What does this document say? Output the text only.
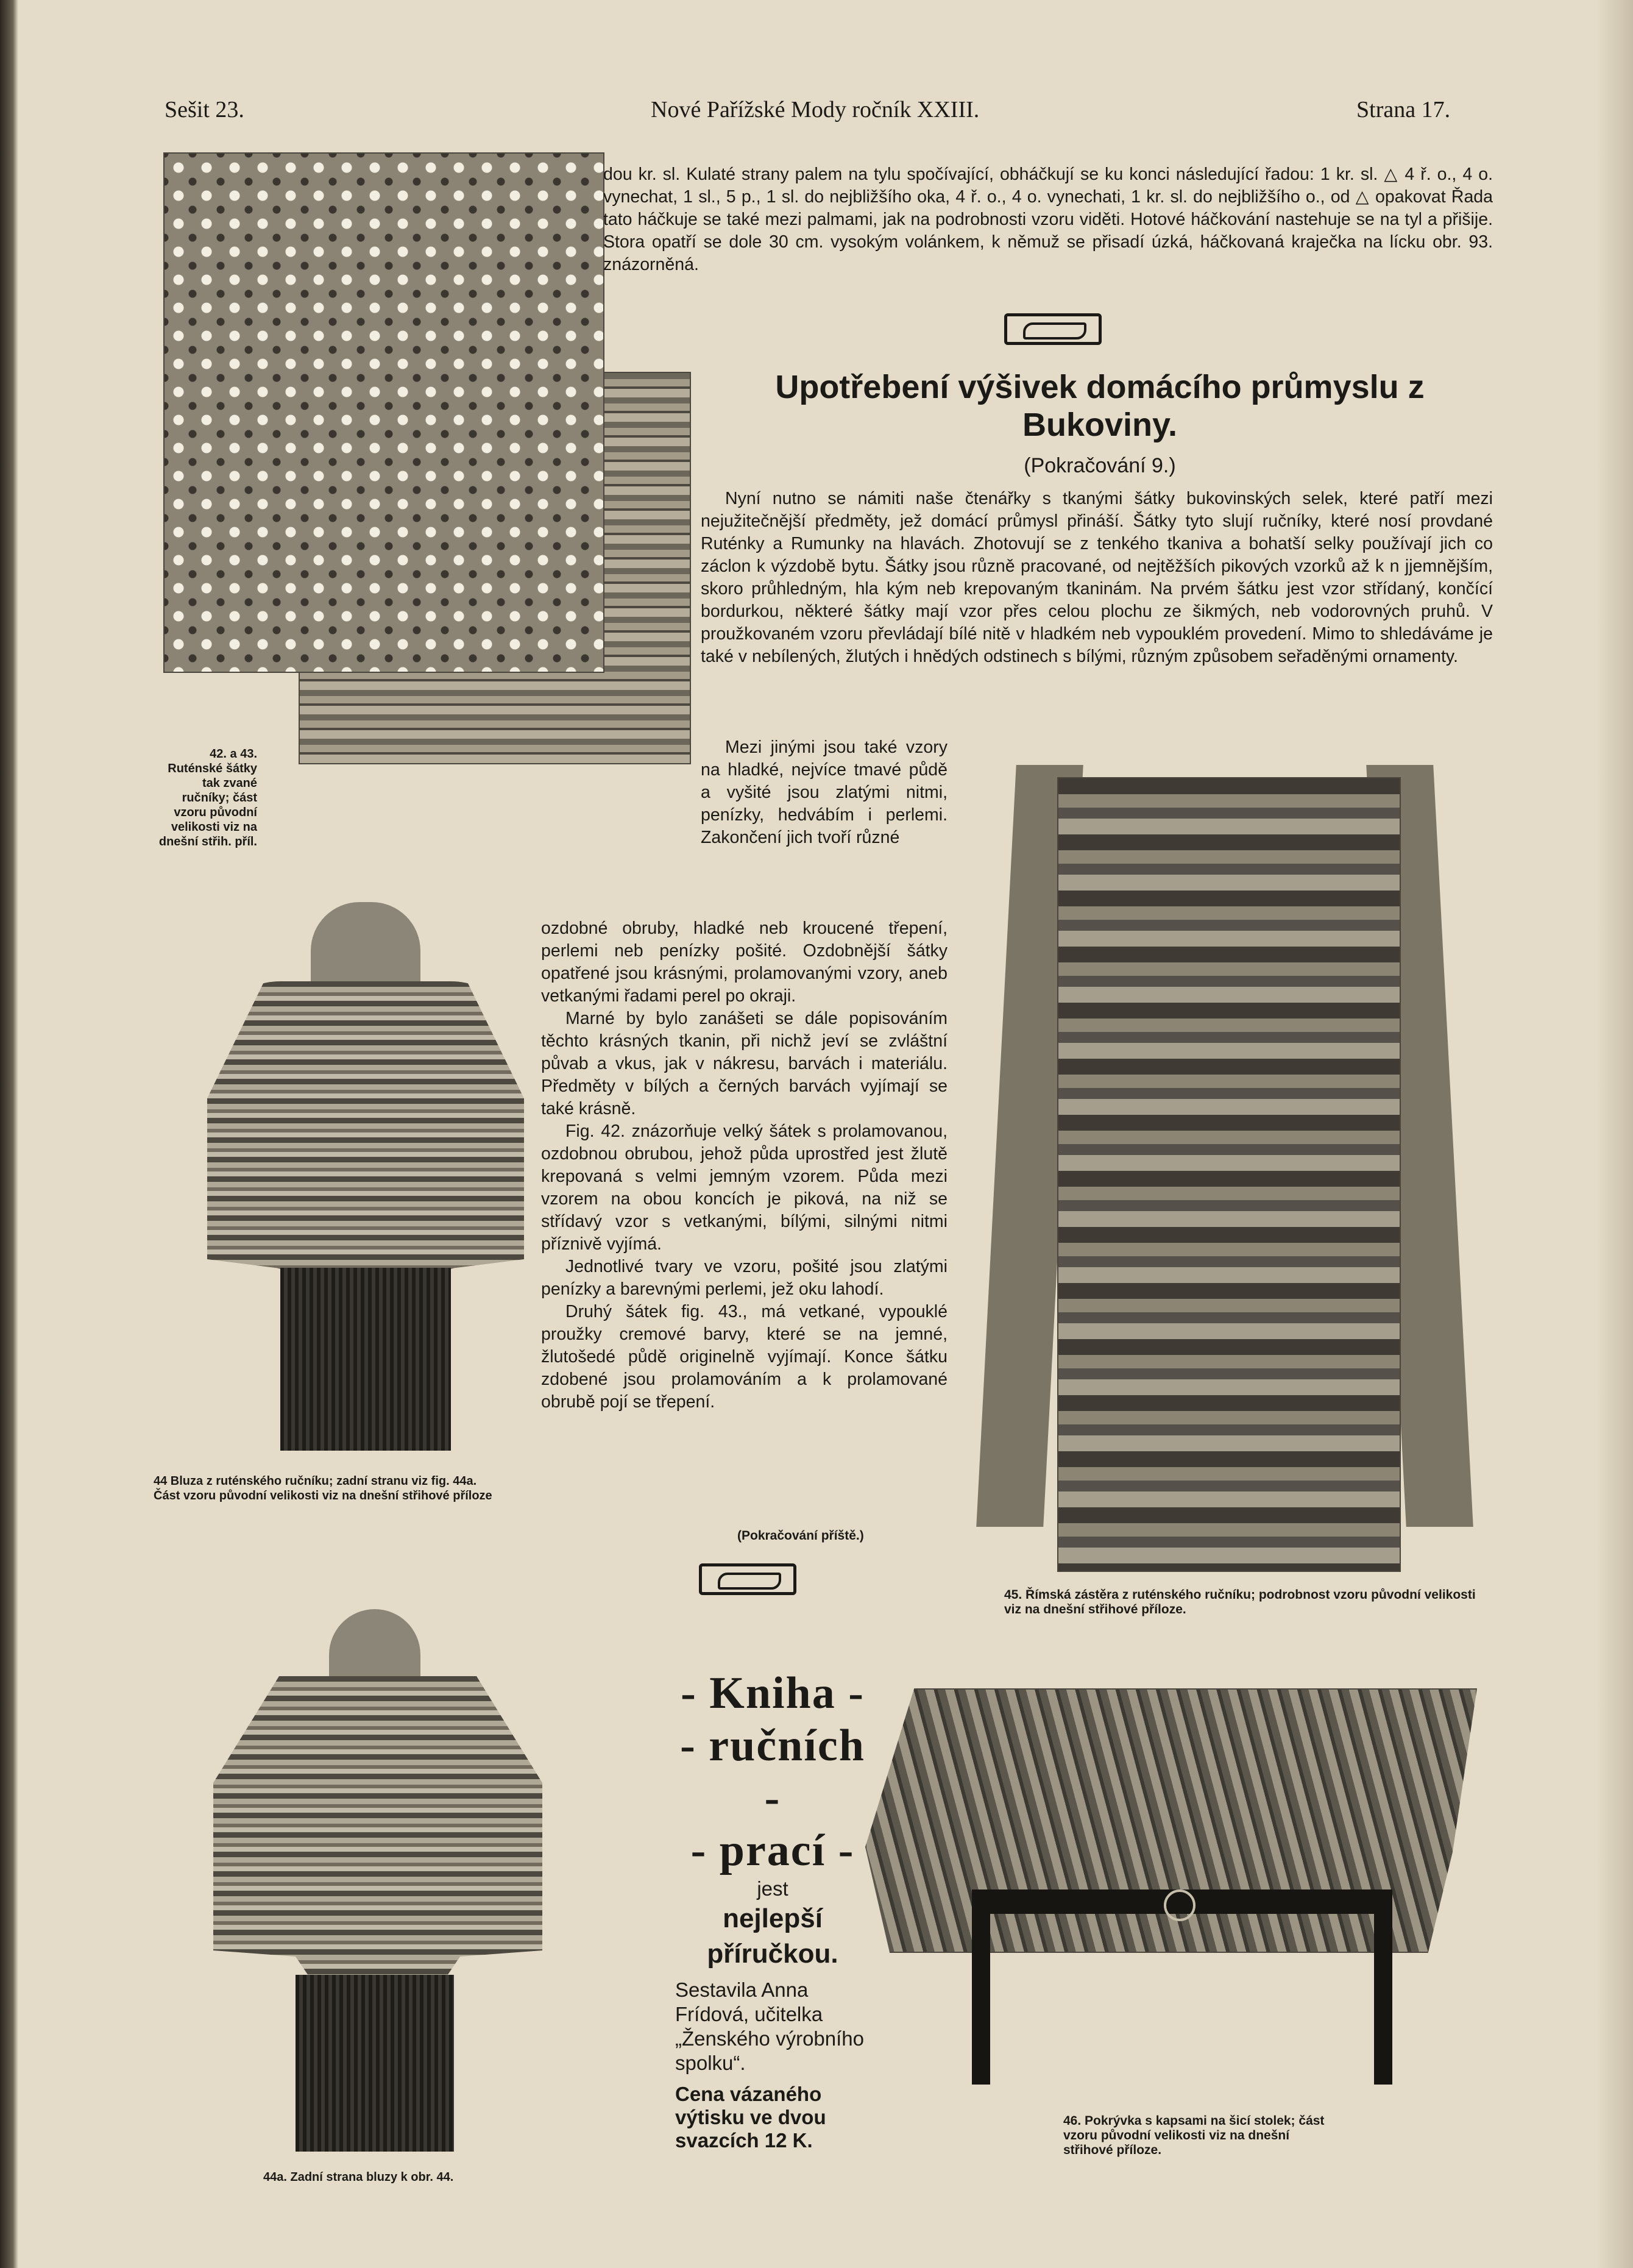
Sešit 23.	Nové Pařížské Mody ročník XXIII.	Strana 17.
42. a 43. Ruténské šátky tak zvané ručníky; část vzoru původní velikosti viz na dnešní střih. příl.
dou kr. sl. Kulaté strany palem na tylu spočívající, obháčkují se ku konci následující řadou: 1 kr. sl. △ 4 ř. o., 4 o. vynechat, 1 sl., 5 p., 1 sl. do nejbližšího oka, 4 ř. o., 4 o. vynechati, 1 kr. sl. do nejbližšího o., od △ opakovat Řada tato háčkuje se také mezi palmami, jak na podrobnosti vzoru viděti. Hotové háčkování nastehuje se na tyl a přišije. Stora opatří se dole 30 cm. vysokým volánkem, k němuž se přisadí úzká, háčkovaná kraječka na lícku obr. 93. znázorněná.
Upotřebení výšivek domácího průmyslu z Bukoviny.
(Pokračování 9.)

Nyní nutno se námiti naše čtenářky s tkanými šátky bukovinských selek, které patří mezi nejužitečnější předměty, jež domácí průmysl přináší. Šátky tyto slují ručníky, které nosí provdané Ruténky a Rumunky na hlavách. Zhotovují se z tenkého tkaniva a bohatší selky používají jich co záclon k výzdobě bytu. Šátky jsou různě pracované, od nejtěžších pikových vzorků až k n jjemnějším, skoro průhledným, hla kým neb krepovaným tkaninám. Na prvém šátku jest vzor střídaný, končící bordurkou, některé šátky mají vzor přes celou plochu ze šikmých, neb vodorovných pruhů. V proužkovaném vzoru převládají bílé nitě v hladkém neb vypouklém provedení. Mimo to shledáváme je také v nebílených, žlutých i hnědých odstinech s bílými, různým způsobem seřaděnými ornamenty.

Mezi jinými jsou také vzory na hladké, nejvíce tmavé půdě a vyšité jsou zlatými nitmi, penízky, hedvábím i perlemi. Zakončení jich tvoří různé

ozdobné obruby, hladké neb kroucené třepení, perlemi neb penízky pošité. Ozdobnější šátky opatřené jsou krásnými, prolamovanými vzory, aneb vetkanými řadami perel po okraji.

Marné by bylo zanášeti se dále popisováním těchto krásných tkanin, při nichž jeví se zvláštní půvab a vkus, jak v nákresu, barvách i materiálu. Předměty v bílých a černých barvách vyjímají se také krásně.

Fig. 42. znázorňuje velký šátek s prolamovanou, ozdobnou obrubou, jehož půda uprostřed jest žlutě krepovaná s velmi jemným vzorem. Půda mezi vzorem na obou koncích je piková, na niž se střídavý vzor s vetkanými, bílými, silnými nitmi příznivě vyjímá.

Jednotlivé tvary ve vzoru, pošité jsou zlatými penízky a barevnými perlemi, jež oku lahodí.

Druhý šátek fig. 43., má vetkané, vypouklé proužky cremové barvy, které se na jemné, žlutošedé půdě originelně vyjímají. Konce šátku zdobené jsou prolamováním a k prolamované obrubě pojí se třepení.

(Pokračování příště.)
44 Bluza z ruténského ručníku; zadní stranu viz fig. 44a. Část vzoru původní velikosti viz na dnešní střihové příloze
44a. Zadní strana bluzy k obr. 44.
45. Římská zástěra z ruténského ručníku; podrobnost vzoru původní velikosti viz na dnešní střihové příloze.
- Kniha -
- ručních -
- prací -
jest
nejlepší
příručkou.
Sestavila Anna Frídová, učitelka „Ženského výrobního spolku“.
Cena vázaného výtisku ve dvou svazcích 12 K.
46. Pokrývka s kapsami na šicí stolek; část vzoru původní velikosti viz na dnešní střihové příloze.
